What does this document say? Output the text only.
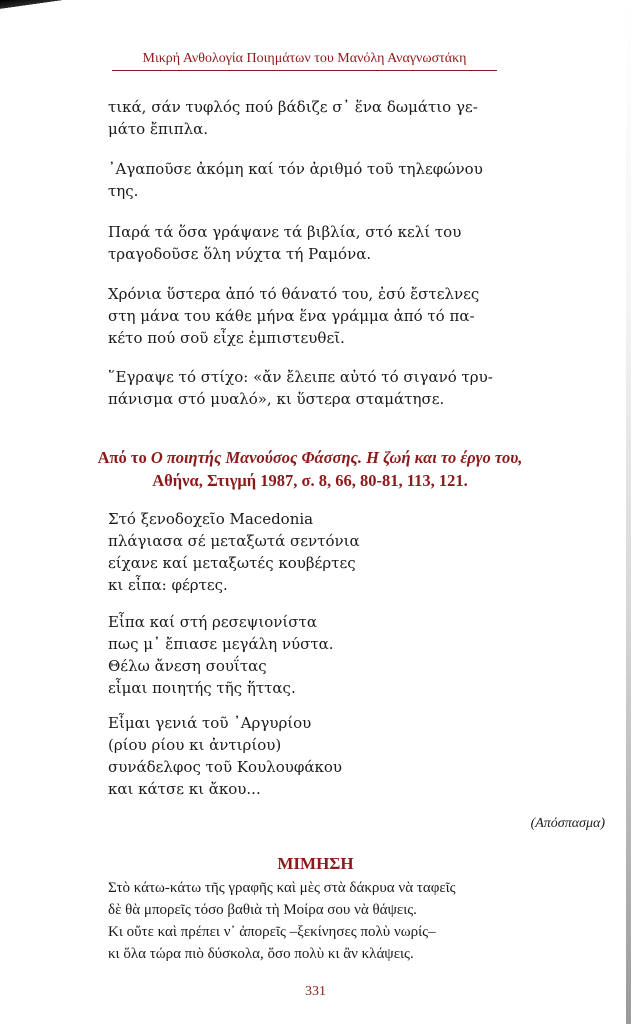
Μικρή Ανθολογία Ποιημάτων του Μανόλη Αναγνωστάκη
τικά, σάν τυφλός πού βάδιζε σ᾽ ἕνα δωμάτιο γε-
μάτο ἔπιπλα.
᾽Αγαποῦσε ἀκόμη καί τόν ἀριθμό τοῦ τηλεφώνου
της.
Παρά τά ὅσα γράψανε τά βιβλία, στό κελί του
τραγοδοῦσε ὅλη νύχτα τή Ραμόνα.
Χρόνια ὕστερα ἀπό τό θάνατό του, ἐσύ ἔστελνες
στη μάνα του κάθε μήνα ἕνα γράμμα ἀπό τό πα-
κέτο πού σοῦ εἶχε ἐμπιστευθεῖ.
῞Εγραψε τό στίχο: «ἄν ἔλειπε αὐτό τό σιγανό τρυ-
πάνισμα στό μυαλό», κι ὕστερα σταμάτησε.
Από το Ο ποιητής Μανούσος Φάσσης. Η ζωή και το έργο του,
Αθήνα, Στιγμή 1987, σ. 8, 66, 80-81, 113, 121.
Στό ξενοδοχεῖο Macedonia
πλάγιασα σέ μεταξωτά σεντόνια
είχανε καί μεταξωτές κουβέρτες
κι εἶπα: φέρτες.
Εἶπα καί στή ρεσεψιονίστα
πως μ᾽ ἔπιασε μεγάλη νύστα.
Θέλω ἄνεση σουΐτας
εἶμαι ποιητής τῆς ἥττας.
Εἶμαι γενιά τοῦ ᾽Αργυρίου
(ρίου ρίου κι ἀντιρίου)
συνάδελφος τοῦ Κουλουφάκου
και κάτσε κι ἄκου...
(Απόσπασμα)
ΜΙΜΗΣΗ
Στὸ κάτω-κάτω τῆς γραφῆς καὶ μὲς στὰ δάκρυα νὰ ταφεῖς
δὲ θὰ μπορεῖς τόσο βαθιὰ τὴ Μοίρα σου νὰ θάψεις.
Κι οὔτε καὶ πρέπει ν᾽ ἀπορεῖς –ξεκίνησες πολὺ νωρίς–
κι ὅλα τώρα πιὸ δύσκολα, ὅσο πολὺ κι ἂν κλάψεις.
331
